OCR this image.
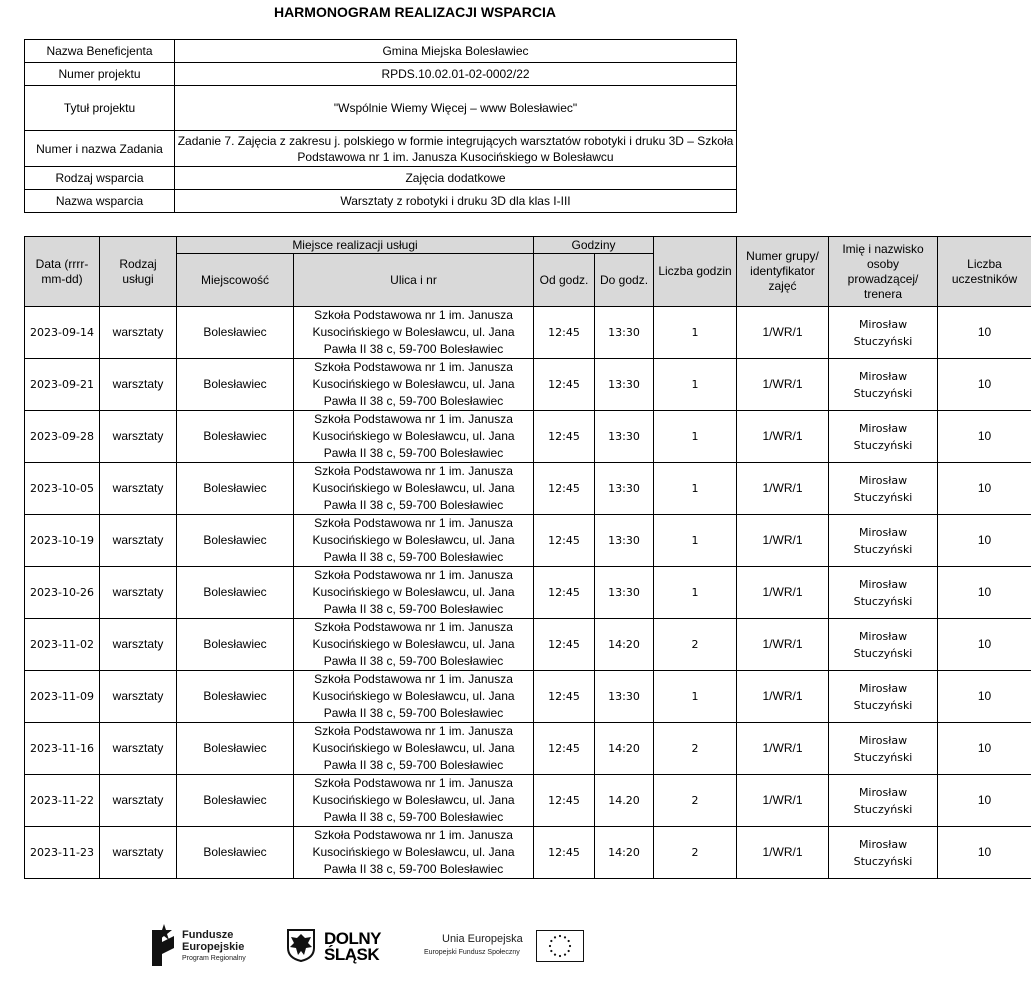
HARMONOGRAM REALIZACJI WSPARCIA
Nazwa Beneficjenta	Gmina Miejska Bolesławiec
Numer projektu	RPDS.10.02.01-02-0002/22
Tytuł projektu	"Wspólnie Wiemy Więcej – www Bolesławiec"
Numer i nazwa Zadania	Zadanie 7. Zajęcia z zakresu j. polskiego w formie integrujących warsztatów robotyki i druku 3D – Szkoła Podstawowa nr 1 im. Janusza Kusocińskiego w Bolesławcu
Rodzaj wsparcia	Zajęcia dodatkowe
Nazwa wsparcia	Warsztaty z robotyki i druku 3D dla klas I-III
Data (rrrr-mm-dd)	Rodzaj usługi	Miejsce realizacji usługi		Godziny		Liczba godzin	Numer grupy/ identyfikator zajęć	Imię i nazwisko osoby prowadzącej/ trenera	Liczba uczestników
		Miejscowość	Ulica i nr	Od godz.	Do godz.				
2023-09-14	warsztaty	Bolesławiec	Szkoła Podstawowa nr 1 im. Janusza Kusocińskiego w Bolesławcu, ul. Jana Pawła II 38 c, 59-700 Bolesławiec	12:45	13:30	1	1/WR/1	Mirosław Stuczyński	10
2023-09-21	warsztaty	Bolesławiec	Szkoła Podstawowa nr 1 im. Janusza Kusocińskiego w Bolesławcu, ul. Jana Pawła II 38 c, 59-700 Bolesławiec	12:45	13:30	1	1/WR/1	Mirosław Stuczyński	10
2023-09-28	warsztaty	Bolesławiec	Szkoła Podstawowa nr 1 im. Janusza Kusocińskiego w Bolesławcu, ul. Jana Pawła II 38 c, 59-700 Bolesławiec	12:45	13:30	1	1/WR/1	Mirosław Stuczyński	10
2023-10-05	warsztaty	Bolesławiec	Szkoła Podstawowa nr 1 im. Janusza Kusocińskiego w Bolesławcu, ul. Jana Pawła II 38 c, 59-700 Bolesławiec	12:45	13:30	1	1/WR/1	Mirosław Stuczyński	10
2023-10-19	warsztaty	Bolesławiec	Szkoła Podstawowa nr 1 im. Janusza Kusocińskiego w Bolesławcu, ul. Jana Pawła II 38 c, 59-700 Bolesławiec	12:45	13:30	1	1/WR/1	Mirosław Stuczyński	10
2023-10-26	warsztaty	Bolesławiec	Szkoła Podstawowa nr 1 im. Janusza Kusocińskiego w Bolesławcu, ul. Jana Pawła II 38 c, 59-700 Bolesławiec	12:45	13:30	1	1/WR/1	Mirosław Stuczyński	10
2023-11-02	warsztaty	Bolesławiec	Szkoła Podstawowa nr 1 im. Janusza Kusocińskiego w Bolesławcu, ul. Jana Pawła II 38 c, 59-700 Bolesławiec	12:45	14:20	2	1/WR/1	Mirosław Stuczyński	10
2023-11-09	warsztaty	Bolesławiec	Szkoła Podstawowa nr 1 im. Janusza Kusocińskiego w Bolesławcu, ul. Jana Pawła II 38 c, 59-700 Bolesławiec	12:45	13:30	1	1/WR/1	Mirosław Stuczyński	10
2023-11-16	warsztaty	Bolesławiec	Szkoła Podstawowa nr 1 im. Janusza Kusocińskiego w Bolesławcu, ul. Jana Pawła II 38 c, 59-700 Bolesławiec	12:45	14:20	2	1/WR/1	Mirosław Stuczyński	10
2023-11-22	warsztaty	Bolesławiec	Szkoła Podstawowa nr 1 im. Janusza Kusocińskiego w Bolesławcu, ul. Jana Pawła II 38 c, 59-700 Bolesławiec	12:45	14.20	2	1/WR/1	Mirosław Stuczyński	10
2023-11-23	warsztaty	Bolesławiec	Szkoła Podstawowa nr 1 im. Janusza Kusocińskiego w Bolesławcu, ul. Jana Pawła II 38 c, 59-700 Bolesławiec	12:45	14:20	2	1/WR/1	Mirosław Stuczyński	10
Fundusze
Europejskie
Program Regionalny
DOLNY
ŚLĄSK
Unia Europejska
Europejski Fundusz Społeczny
